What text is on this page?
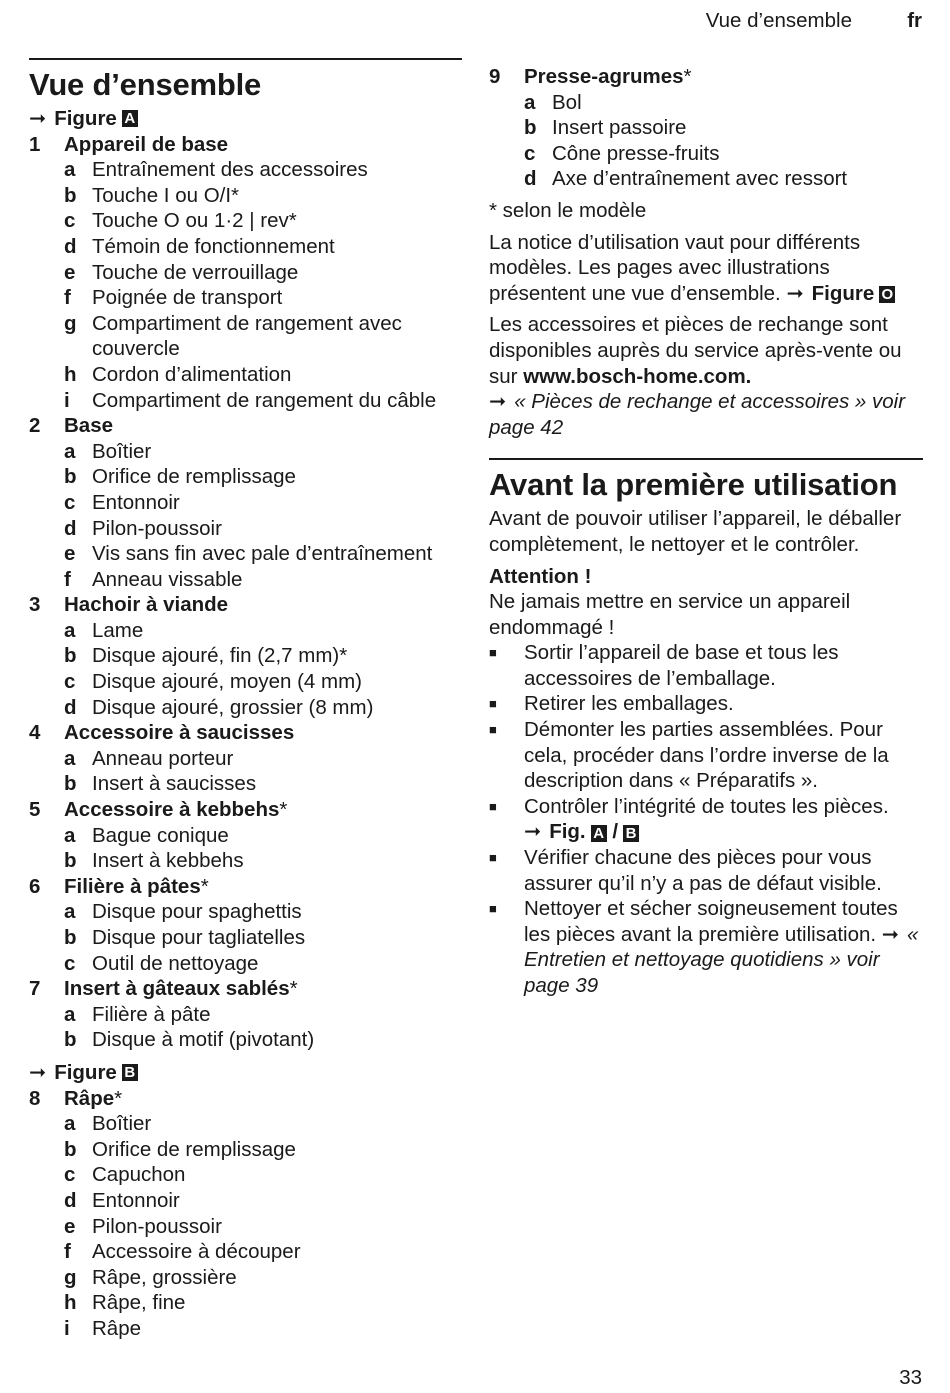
Vue d’ensemble	fr
Vue d’ensemble
➞ Figure A
1	Appareil de base
a Entraînement des accessoires
b Touche I ou O/I*
c Touche O ou 1·2 | rev*
d Témoin de fonctionnement
e Touche de verrouillage
f	Poignée de transport
g Compartiment de rangement avec couvercle
h Cordon d’alimentation
i	Compartiment de rangement du câble
2	Base
a Boîtier
b Orifice de remplissage
c Entonnoir
d Pilon-poussoir
e Vis sans fin avec pale d’entraînement
f	Anneau vissable
3	Hachoir à viande
a Lame
b Disque ajouré, fin (2,7 mm)*
c Disque ajouré, moyen (4 mm)
d Disque ajouré, grossier (8 mm)
4	Accessoire à saucisses
a Anneau porteur
b Insert à saucisses
5	Accessoire à kebbehs*
a Bague conique
b Insert à kebbehs
6	Filière à pâtes*
a Disque pour spaghettis
b Disque pour tagliatelles
c Outil de nettoyage
7	Insert à gâteaux sablés*
a Filière à pâte
b Disque à motif (pivotant)
➞ Figure B
8	Râpe*
a Boîtier
b Orifice de remplissage
c Capuchon
d Entonnoir
e Pilon-poussoir
f	Accessoire à découper
g Râpe, grossière
h Râpe, fine
i	Râpe
9	Presse-agrumes*
a Bol
b Insert passoire
c Cône presse-fruits
d Axe d’entraînement avec ressort

* selon le modèle

La notice d’utilisation vaut pour différents modèles. Les pages avec illustrations présentent une vue d’ensemble. ➞ Figure O

Les accessoires et pièces de rechange sont disponibles auprès du service après-vente ou sur www.bosch-home.com.
➞ « Pièces de rechange et accessoires » voir page 42

Avant la première utilisation

Avant de pouvoir utiliser l’appareil, le déballer complètement, le nettoyer et le contrôler.

Attention !

Ne jamais mettre en service un appareil endommagé !

■	Sortir l’appareil de base et tous les accessoires de l’emballage.
■	Retirer les emballages.
■	Démonter les parties assemblées. Pour cela, procéder dans l’ordre inverse de la description dans « Préparatifs ».
■	Contrôler l’intégrité de toutes les pièces.
➞ Fig. A / B
■	Vérifier chacune des pièces pour vous assurer qu’il n’y a pas de défaut visible.
■	Nettoyer et sécher soigneusement toutes les pièces avant la première utilisation. ➞ « Entretien et nettoyage quotidiens » voir page 39
33
